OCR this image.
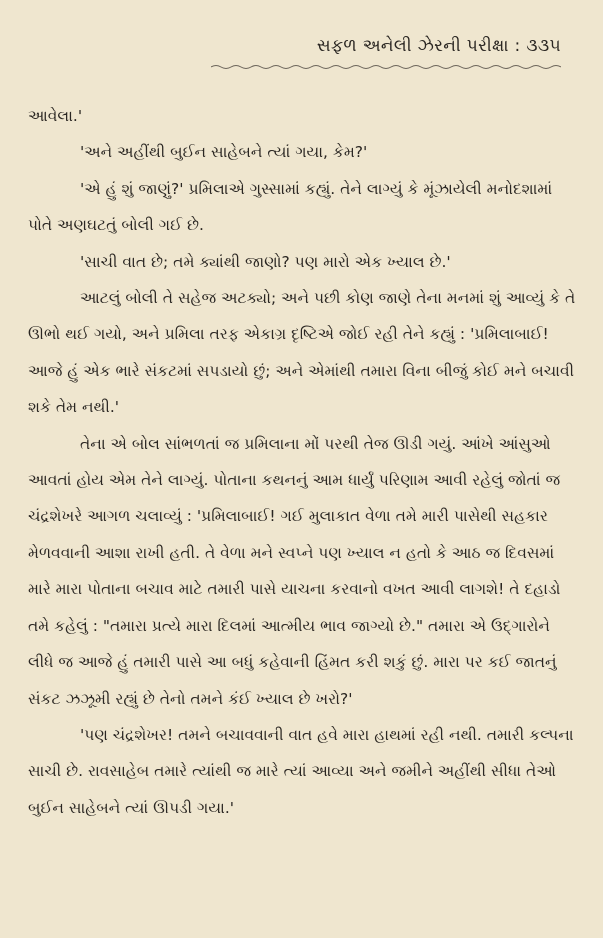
સફળ અનેલી ઝેરની પરીક્ષા : ૩૩૫

આવેલા.'

'અને અહીંથી બુઈન સાહેબને ત્યાં ગયા, કેમ?'

'એ હું શું જાણું?' પ્રમિલાએ ગુસ્સામાં કહ્યું. તેને લાગ્યું કે મૂંઝાયેલી મનોદશામાં પોતે અણઘટતું બોલી ગઈ છે.

'સાચી વાત છે; તમે ક્યાંથી જાણો? પણ મારો એક ખ્યાલ છે.'

આટલું બોલી તે સહેજ અટક્યો; અને પછી કોણ જાણે તેના મનમાં શું આવ્યું કે તે ઊભો થઈ ગયો, અને પ્રમિલા તરફ એકાગ્ર દૃષ્ટિએ જોઈ રહી તેને કહ્યું : 'પ્રમિલાબાઈ! આજે હું એક ભારે સંકટમાં સપડાયો છું; અને એમાંથી તમારા વિના બીજું કોઈ મને બચાવી શકે તેમ નથી.'

તેના એ બોલ સાંભળતાં જ પ્રમિલાના મોં પરથી તેજ ઊડી ગયું. આંખે આંસુઓ આવતાં હોય એમ તેને લાગ્યું. પોતાના કથનનું આમ ધાર્યું પરિણામ આવી રહેલું જોતાં જ ચંદ્રશેખરે આગળ ચલાવ્યું : 'પ્રમિલાબાઈ! ગઈ મુલાકાત વેળા તમે મારી પાસેથી સહકાર મેળવવાની આશા રાખી હતી. તે વેળા મને સ્વપ્ને પણ ખ્યાલ ન હતો કે આઠ જ દિવસમાં મારે મારા પોતાના બચાવ માટે તમારી પાસે યાચના કરવાનો વખત આવી લાગશે! તે દહાડો તમે કહેલું : "તમારા પ્રત્યે મારા દિલમાં આત્મીય ભાવ જાગ્યો છે." તમારા એ ઉદ્ગારોને લીધે જ આજે હું તમારી પાસે આ બધું કહેવાની હિંમત કરી શકું છું. મારા પર કઈ જાતનું સંકટ ઝઝૂમી રહ્યું છે તેનો તમને કંઈ ખ્યાલ છે ખરો?'

'પણ ચંદ્રશેખર! તમને બચાવવાની વાત હવે મારા હાથમાં રહી નથી. તમારી કલ્પના સાચી છે. રાવસાહેબ તમારે ત્યાંથી જ મારે ત્યાં આવ્યા અને જમીને અહીંથી સીધા તેઓ બુઈન સાહેબને ત્યાં ઊપડી ગયા.'
